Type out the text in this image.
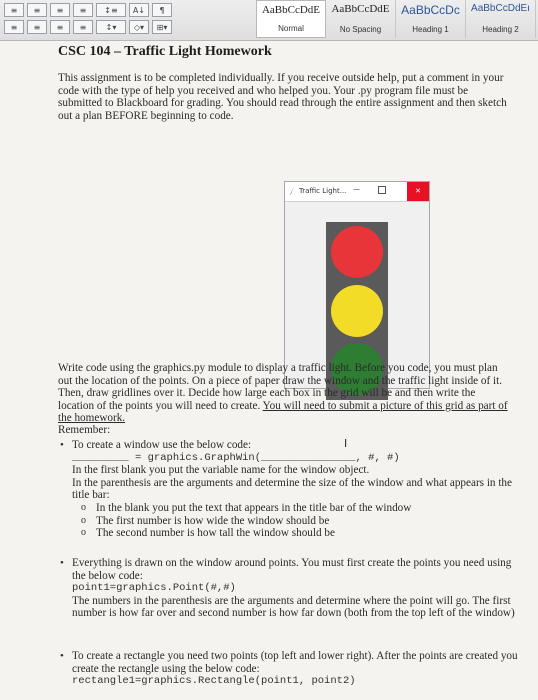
≡	≡	≡	≡	↕≡	A↓	¶
≡	≡	≡	≡	↕▾	◇▾	⊞▾
AaBbCcDdE
Normal
AaBbCcDdE
No Spacing
AaBbCcDc
Heading 1
AaBbCcDdEı
Heading 2
CSC 104 – Traffic Light Homework

This assignment is to be completed individually. If you receive outside help, put a comment in your code with the type of help you received and who helped you. Your .py program file must be submitted to Blackboard for grading. You should read through the entire assignment and then sketch out a plan BEFORE beginning to code.

Traffic Light... —	✕

Write code using the graphics.py module to display a traffic light. Before you code, you must plan out the location of the points. On a piece of paper draw the window and the traffic light inside of it. Then, draw gridlines over it. Decide how large each box in the grid will be and then write the location of the points you will need to create. You will need to submit a picture of this grid as part of the homework.

I

Remember:

• To create a window use the below code:

_________ = graphics.GraphWin(_______________, #, #)

In the first blank you put the variable name for the window object.

In the parenthesis are the arguments and determine the size of the window and what appears in the title bar:

o In the blank you put the text that appears in the title bar of the window

o The first number is how wide the window should be

o The second number is how tall the window should be

• Everything is drawn on the window around points. You must first create the points you need using the below code:

point1=graphics.Point(#,#)

The numbers in the parenthesis are the arguments and determine where the point will go. The first number is how far over and second number is how far down (both from the top left of the window)

• To create a rectangle you need two points (top left and lower right). After the points are created you create the rectangle using the below code:

rectangle1=graphics.Rectangle(point1, point2)
